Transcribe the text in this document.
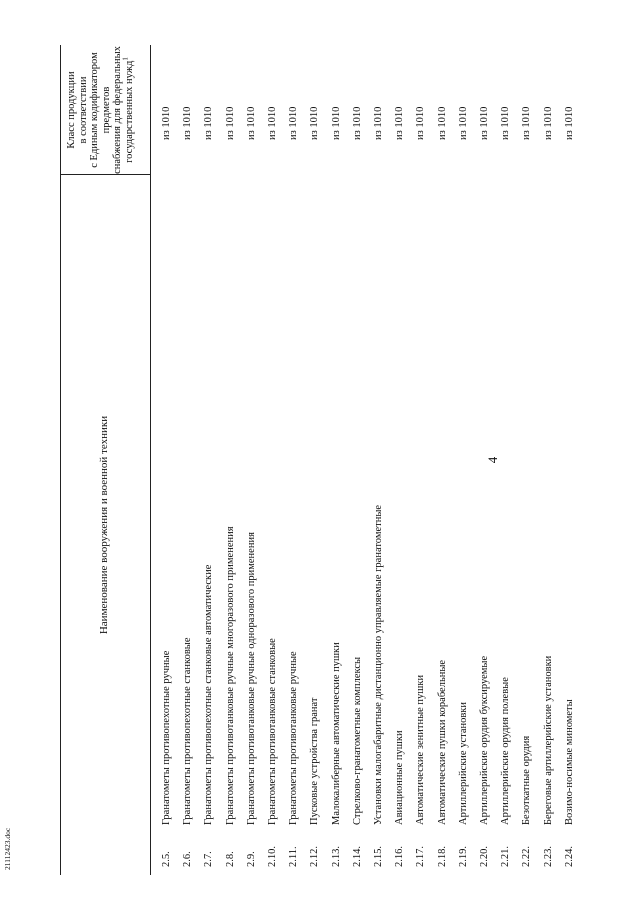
4
Наименование вооружения и военной техники
Класс продукции в соответствии с Единым кодификатором предметов снабжения для федеральных государственных нужд$^1$
2.5.
Гранатометы противопехотные ручные
из 1010
2.6.
Гранатометы противопехотные станковые
из 1010
2.7.
Гранатометы противопехотные станковые автоматические
из 1010
2.8.
Гранатометы противотанковые ручные многоразового применения
из 1010
2.9.
Гранатометы противотанковые ручные одноразового применения
из 1010
2.10.
Гранатометы противотанковые станковые
из 1010
2.11.
Гранатометы противотанковые ручные
из 1010
2.12.
Пусковые устройства гранат
из 1010
2.13.
Малокалиберные автоматические пушки
из 1010
2.14.
Стрелково-гранатометные комплексы
из 1010
2.15.
Установки малогабаритные дистанционно управляемые гранатометные
из 1010
2.16.
Авиационные пушки
из 1010
2.17.
Автоматические зенитные пушки
из 1010
2.18.
Автоматические пушки корабельные
из 1010
2.19.
Артиллерийские установки
из 1010
2.20.
Артиллерийские орудия буксируемые
из 1010
2.21.
Артиллерийские орудия полевые
из 1010
2.22.
Безоткатные орудия
из 1010
2.23.
Береговые артиллерийские установки
из 1010
2.24.
Возимо-носимые минометы
из 1010
21112423.doc
